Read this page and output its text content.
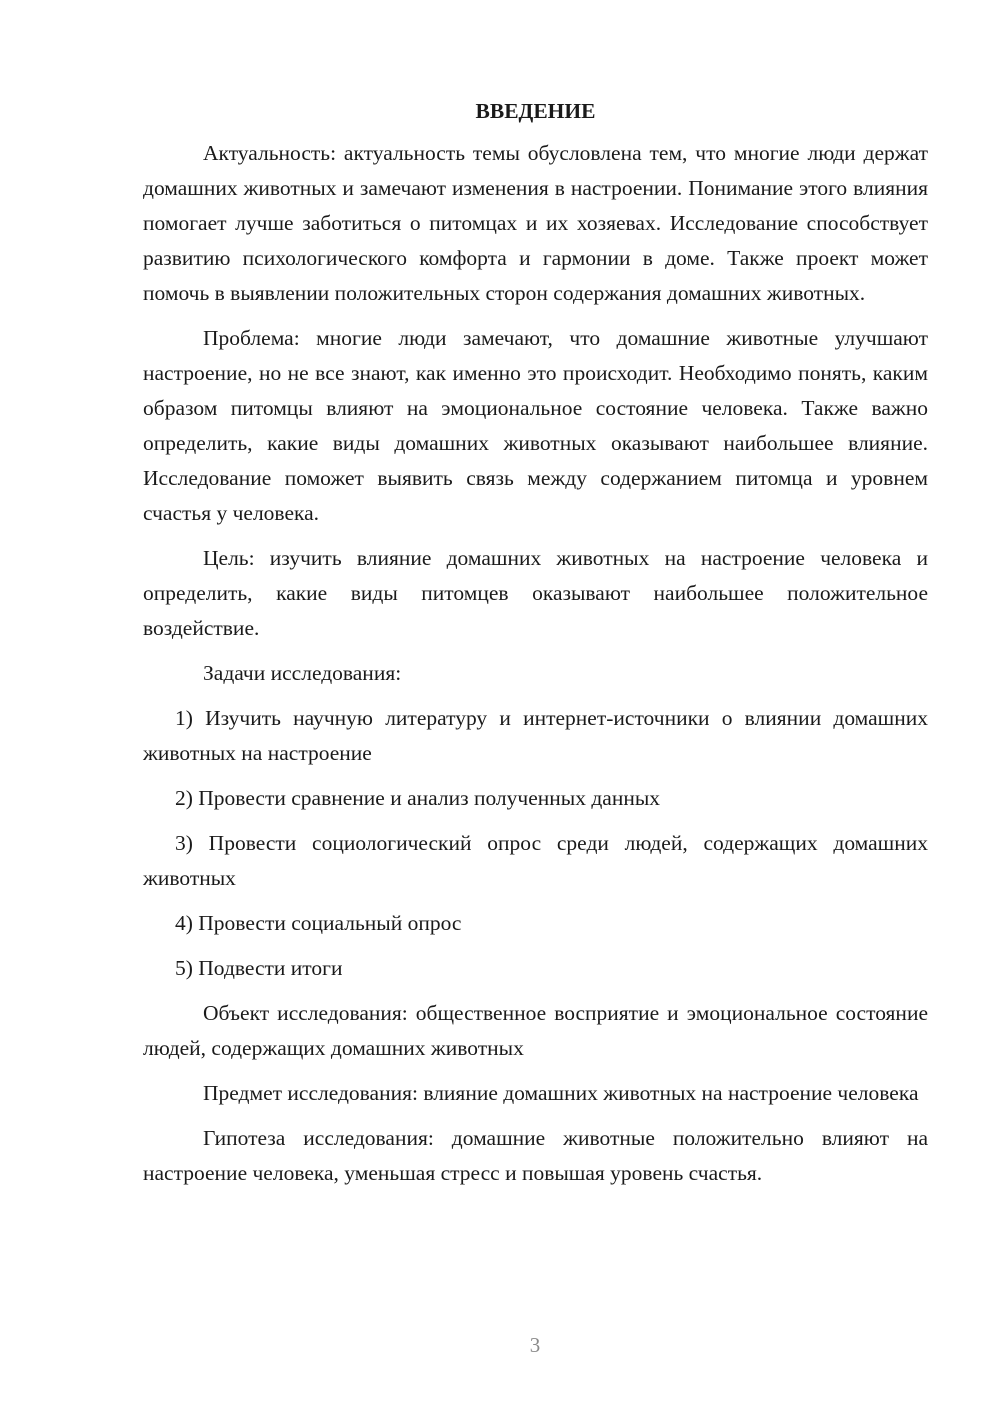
ВВЕДЕНИЕ

Актуальность: актуальность темы обусловлена тем, что многие люди держат домашних животных и замечают изменения в настроении. Понимание этого влияния помогает лучше заботиться о питомцах и их хозяевах. Исследование способствует развитию психологического комфорта и гармонии в доме. Также проект может помочь в выявлении положительных сторон содержания домашних животных.

Проблема: многие люди замечают, что домашние животные улучшают настроение, но не все знают, как именно это происходит. Необходимо понять, каким образом питомцы влияют на эмоциональное состояние человека. Также важно определить, какие виды домашних животных оказывают наибольшее влияние. Исследование поможет выявить связь между содержанием питомца и уровнем счастья у человека.

Цель: изучить влияние домашних животных на настроение человека и определить, какие виды питомцев оказывают наибольшее положительное воздействие.

Задачи исследования:

1) Изучить научную литературу и интернет-источники о влиянии домашних животных на настроение

2) Провести сравнение и анализ полученных данных

3) Провести социологический опрос среди людей, содержащих домашних животных

4) Провести социальный опрос

5) Подвести итоги

Объект исследования: общественное восприятие и эмоциональное состояние людей, содержащих домашних животных

Предмет исследования: влияние домашних животных на настроение человека

Гипотеза исследования: домашние животные положительно влияют на настроение человека, уменьшая стресс и повышая уровень счастья.

3
